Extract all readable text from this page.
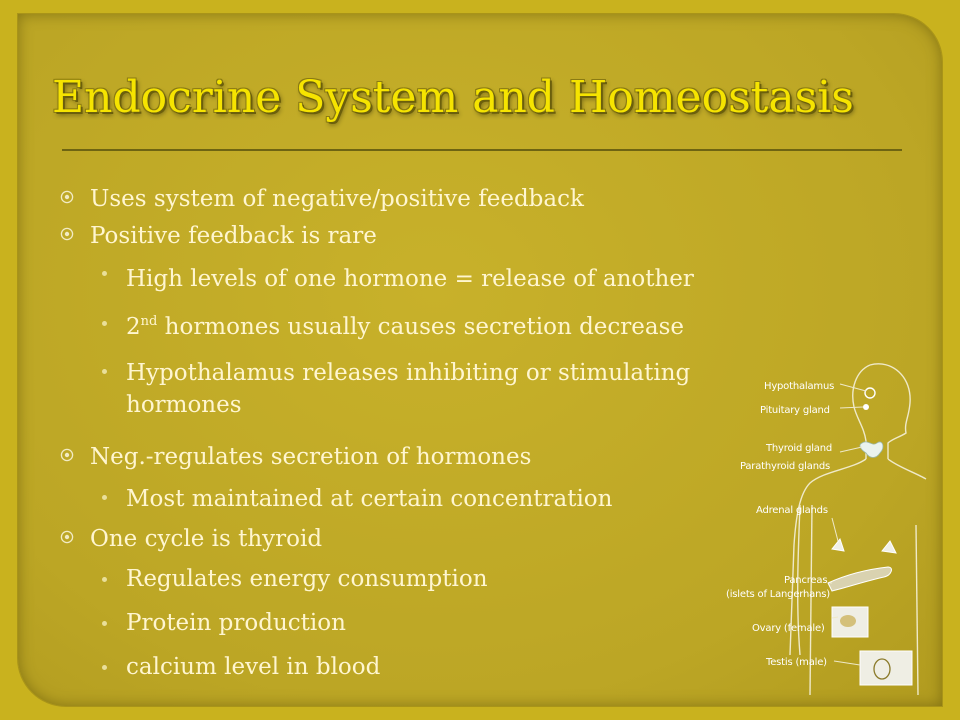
Endocrine System and Homeostasis
Uses system of negative/positive feedback
Positive feedback is rare
High levels of one hormone = release of another
2nd hormones usually causes secretion decrease
Hypothalamus releases inhibiting or stimulating
hormones
Neg.-regulates secretion of hormones
Most maintained at certain concentration
One cycle is thyroid
Regulates energy consumption
Protein production
calcium level in blood
Hypothalamus
Pituitary gland
Thyroid gland
Parathyroid glands
Adrenal glands
Pancreas
(islets of Langerhans)
Ovary (female)
Testis (male)
